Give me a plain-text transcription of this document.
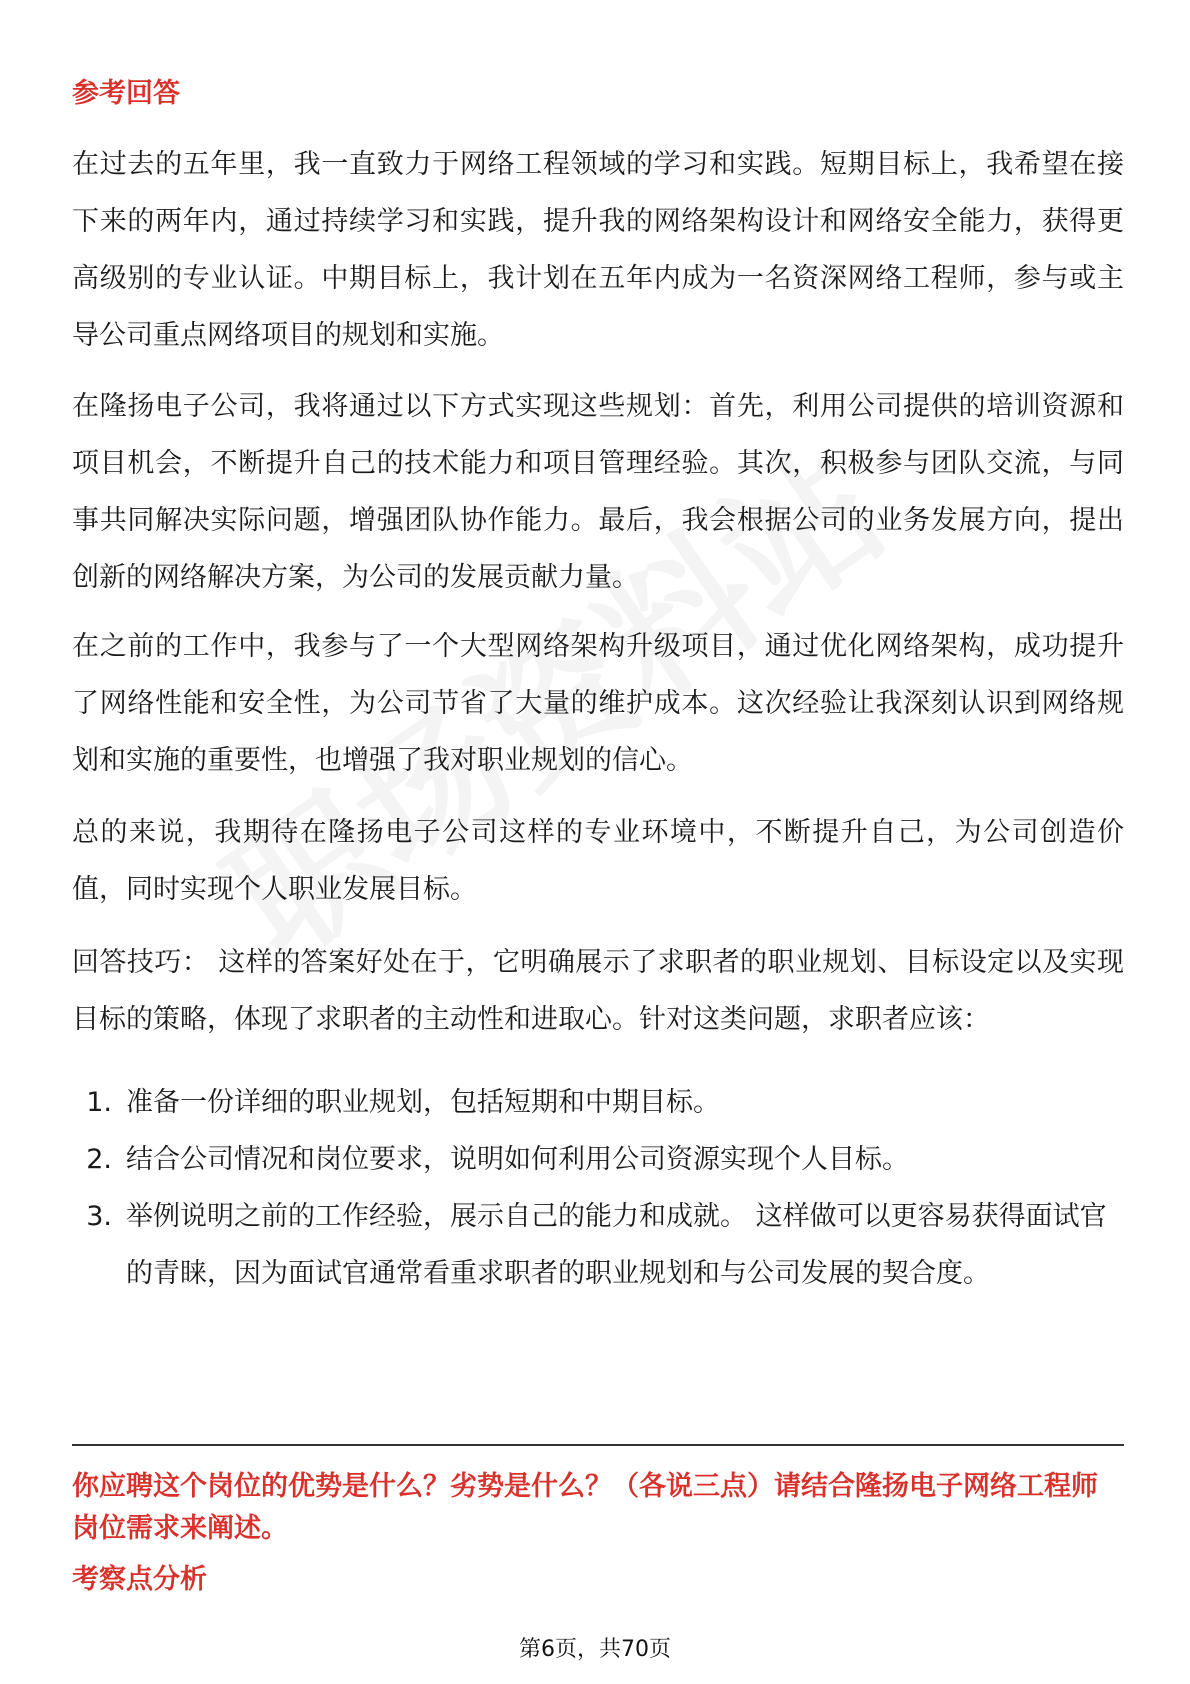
参考回答

在过去的五年里，我一直致力于网络工程领域的学习和实践。短期目标上，我希望在接下来的两年内，通过持续学习和实践，提升我的网络架构设计和网络安全能力，获得更高级别的专业认证。中期目标上，我计划在五年内成为一名资深网络工程师，参与或主导公司重点网络项目的规划和实施。

在隆扬电子公司，我将通过以下方式实现这些规划：首先，利用公司提供的培训资源和项目机会，不断提升自己的技术能力和项目管理经验。其次，积极参与团队交流，与同事共同解决实际问题，增强团队协作能力。最后，我会根据公司的业务发展方向，提出创新的网络解决方案，为公司的发展贡献力量。

在之前的工作中，我参与了一个大型网络架构升级项目，通过优化网络架构，成功提升了网络性能和安全性，为公司节省了大量的维护成本。这次经验让我深刻认识到网络规划和实施的重要性，也增强了我对职业规划的信心。

总的来说，我期待在隆扬电子公司这样的专业环境中，不断提升自己，为公司创造价值，同时实现个人职业发展目标。

回答技巧： 这样的答案好处在于，它明确展示了求职者的职业规划、目标设定以及实现目标的策略，体现了求职者的主动性和进取心。针对这类问题，求职者应该：

1. 准备一份详细的职业规划，包括短期和中期目标。
2. 结合公司情况和岗位要求，说明如何利用公司资源实现个人目标。
3. 举例说明之前的工作经验，展示自己的能力和成就。 这样做可以更容易获得面试官的青睐，因为面试官通常看重求职者的职业规划和与公司发展的契合度。
你应聘这个岗位的优势是什么？劣势是什么？（各说三点）请结合隆扬电子网络工程师岗位需求来阐述。
考察点分析
第6页，共70页
